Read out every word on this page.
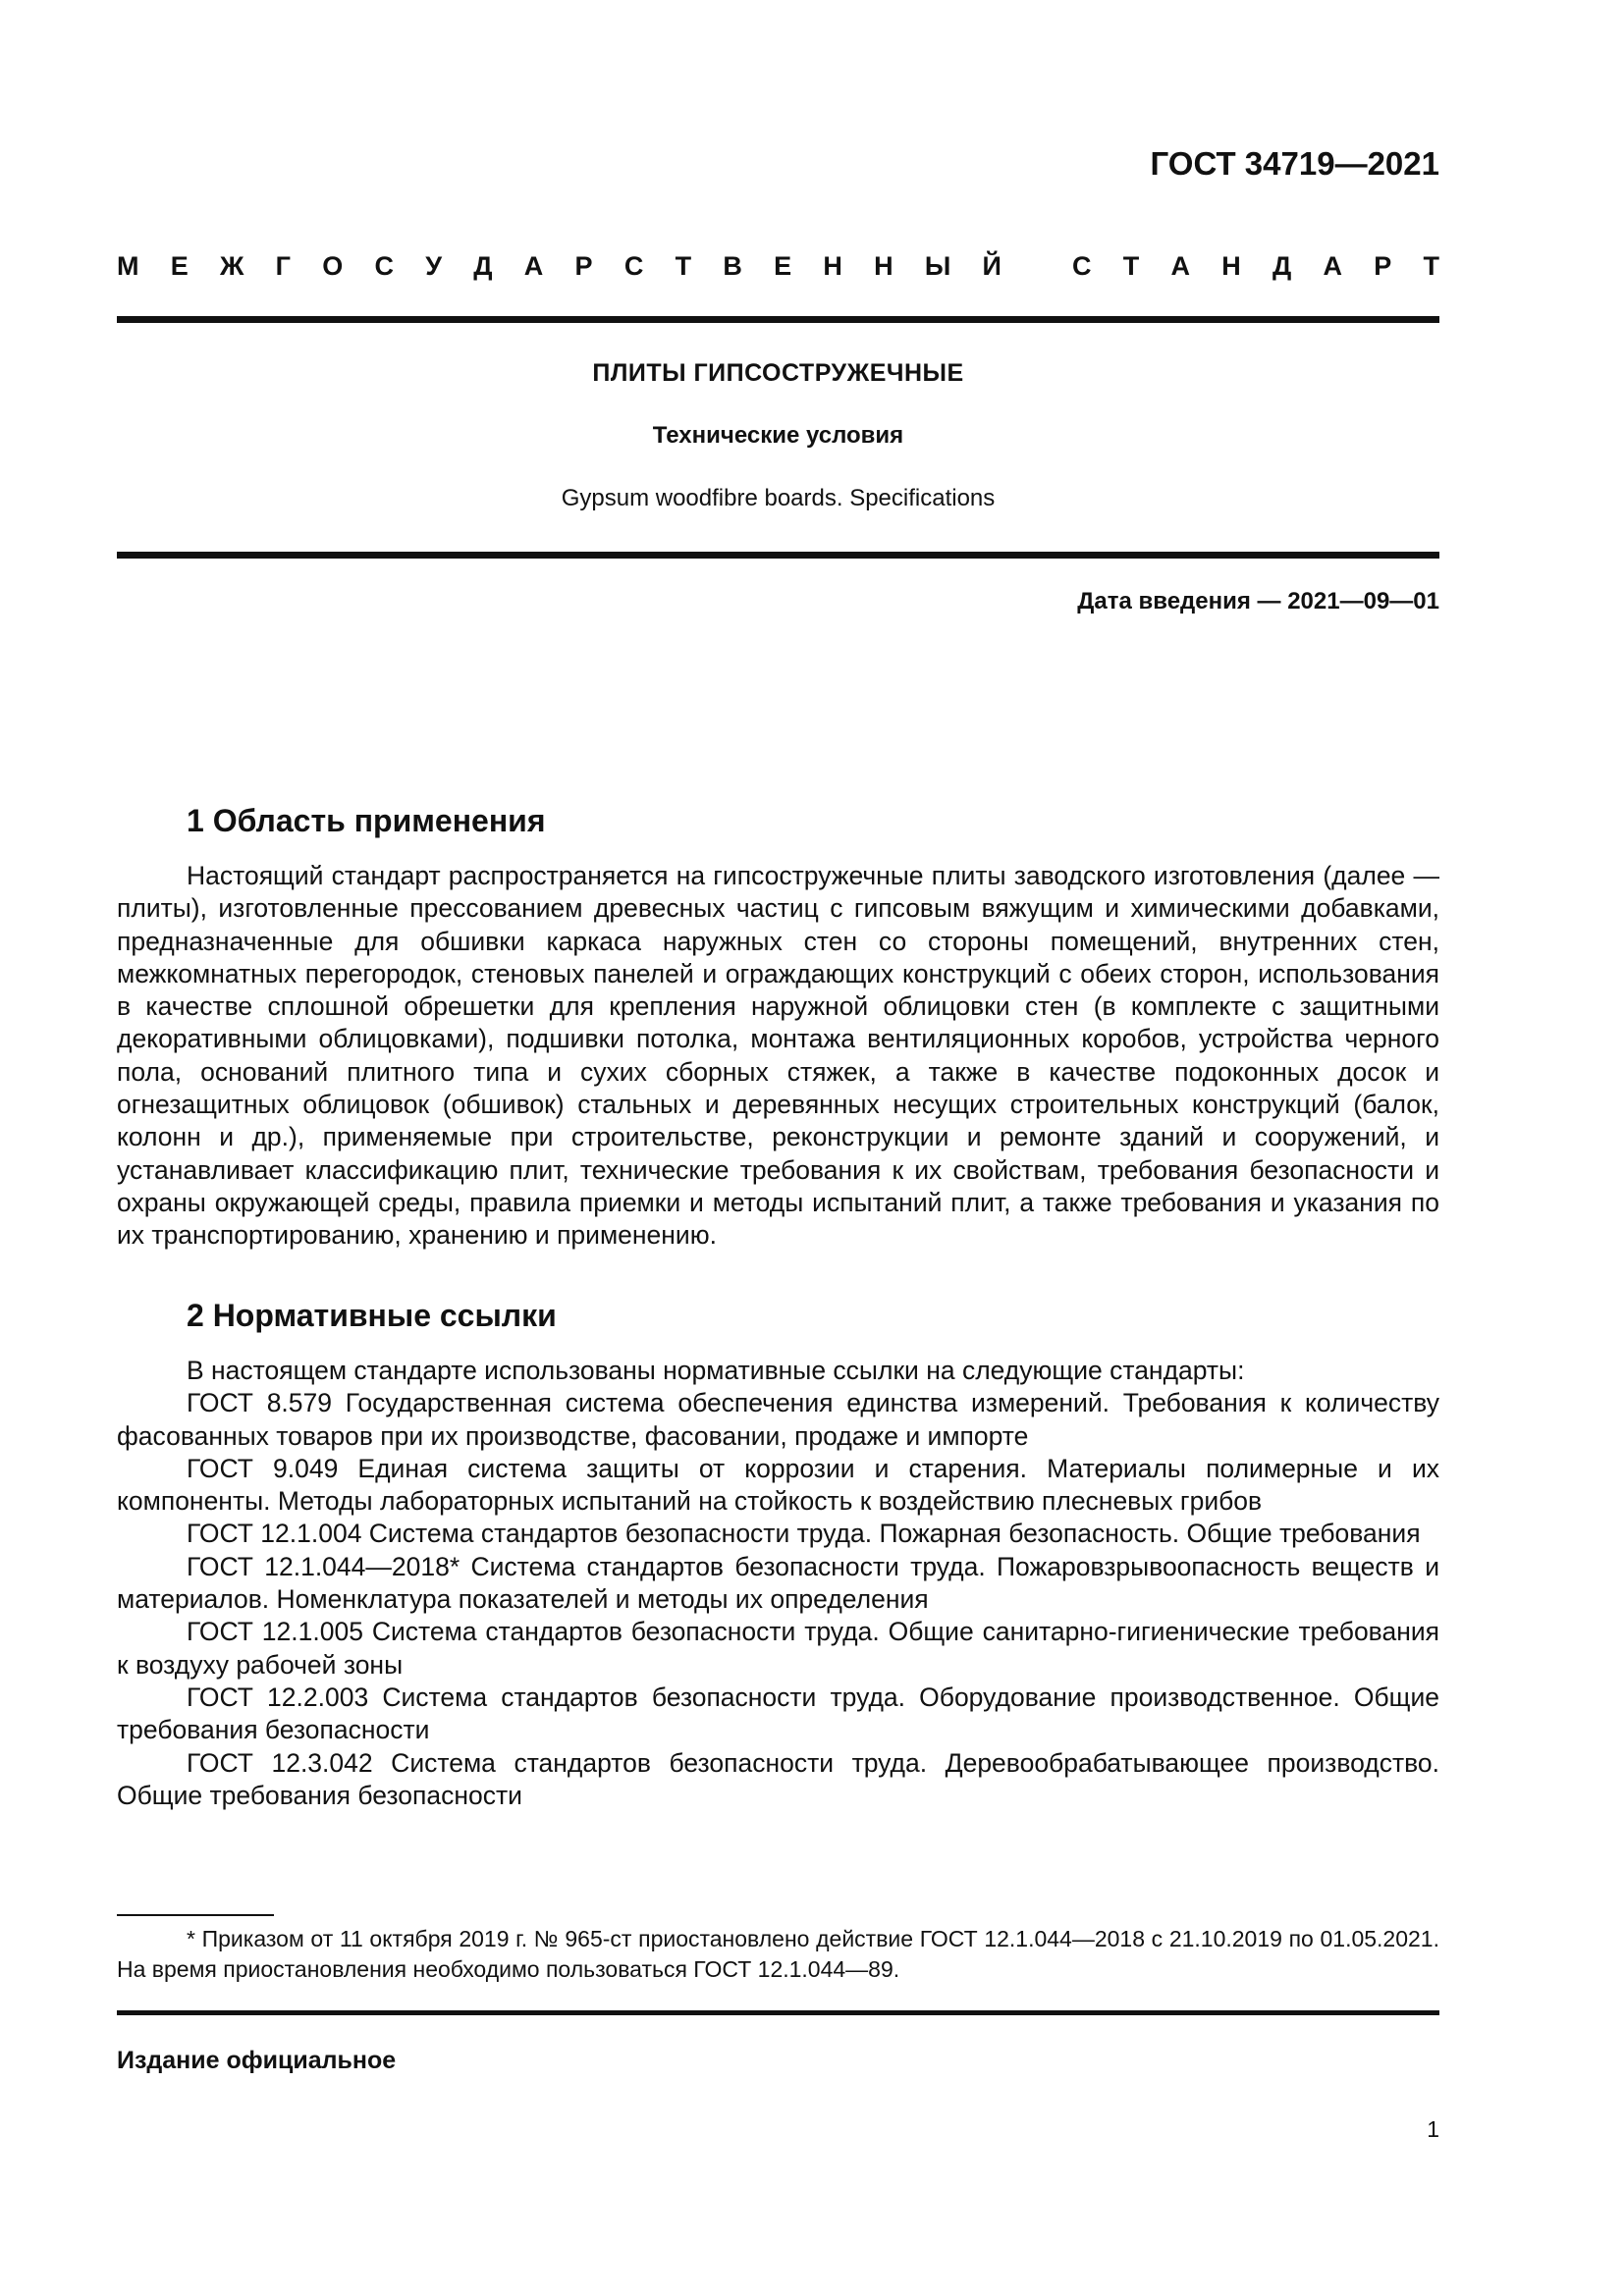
ГОСТ 34719—2021
М Е Ж Г О С У Д А Р С Т В Е Н Н Ы Й
	С Т А Н Д А Р Т
ПЛИТЫ ГИПСОСТРУЖЕЧНЫЕ
Технические условия
Gypsum woodfibre boards. Specifications
Дата введения — 2021—09—01
1 Область применения
Настоящий стандарт распространяется на гипсостружечные плиты заводского изготовления (далее — плиты), изготовленные прессованием древесных частиц с гипсовым вяжущим и химическими добавками, предназначенные для обшивки каркаса наружных стен со стороны помещений, внутренних стен, межкомнатных перегородок, стеновых панелей и ограждающих конструкций с обеих сторон, использования в качестве сплошной обрешетки для крепления наружной облицовки стен (в комплекте с защитными декоративными облицовками), подшивки потолка, монтажа вентиляционных коробов, устройства черного пола, оснований плитного типа и сухих сборных стяжек, а также в качестве подоконных досок и огнезащитных облицовок (обшивок) стальных и деревянных несущих строительных конструкций (балок, колонн и др.), применяемые при строительстве, реконструкции и ремонте зданий и сооружений, и устанавливает классификацию плит, технические требования к их свойствам, требования безопасности и охраны окружающей среды, правила приемки и методы испытаний плит, а также требования и указания по их транспортированию, хранению и применению.
2 Нормативные ссылки
В настоящем стандарте использованы нормативные ссылки на следующие стандарты:
ГОСТ 8.579 Государственная система обеспечения единства измерений. Требования к количеству фасованных товаров при их производстве, фасовании, продаже и импорте
ГОСТ 9.049 Единая система защиты от коррозии и старения. Материалы полимерные и их компоненты. Методы лабораторных испытаний на стойкость к воздействию плесневых грибов
ГОСТ 12.1.004 Система стандартов безопасности труда. Пожарная безопасность. Общие требования
ГОСТ 12.1.044—2018* Система стандартов безопасности труда. Пожаровзрывоопасность веществ и материалов. Номенклатура показателей и методы их определения
ГОСТ 12.1.005 Система стандартов безопасности труда. Общие санитарно-гигиенические требования к воздуху рабочей зоны
ГОСТ 12.2.003 Система стандартов безопасности труда. Оборудование производственное. Общие требования безопасности
ГОСТ 12.3.042 Система стандартов безопасности труда. Деревообрабатывающее производство. Общие требования безопасности
* Приказом от 11 октября 2019 г. № 965-ст приостановлено действие ГОСТ 12.1.044—2018 с 21.10.2019 по 01.05.2021. На время приостановления необходимо пользоваться ГОСТ 12.1.044—89.
Издание официальное
1
